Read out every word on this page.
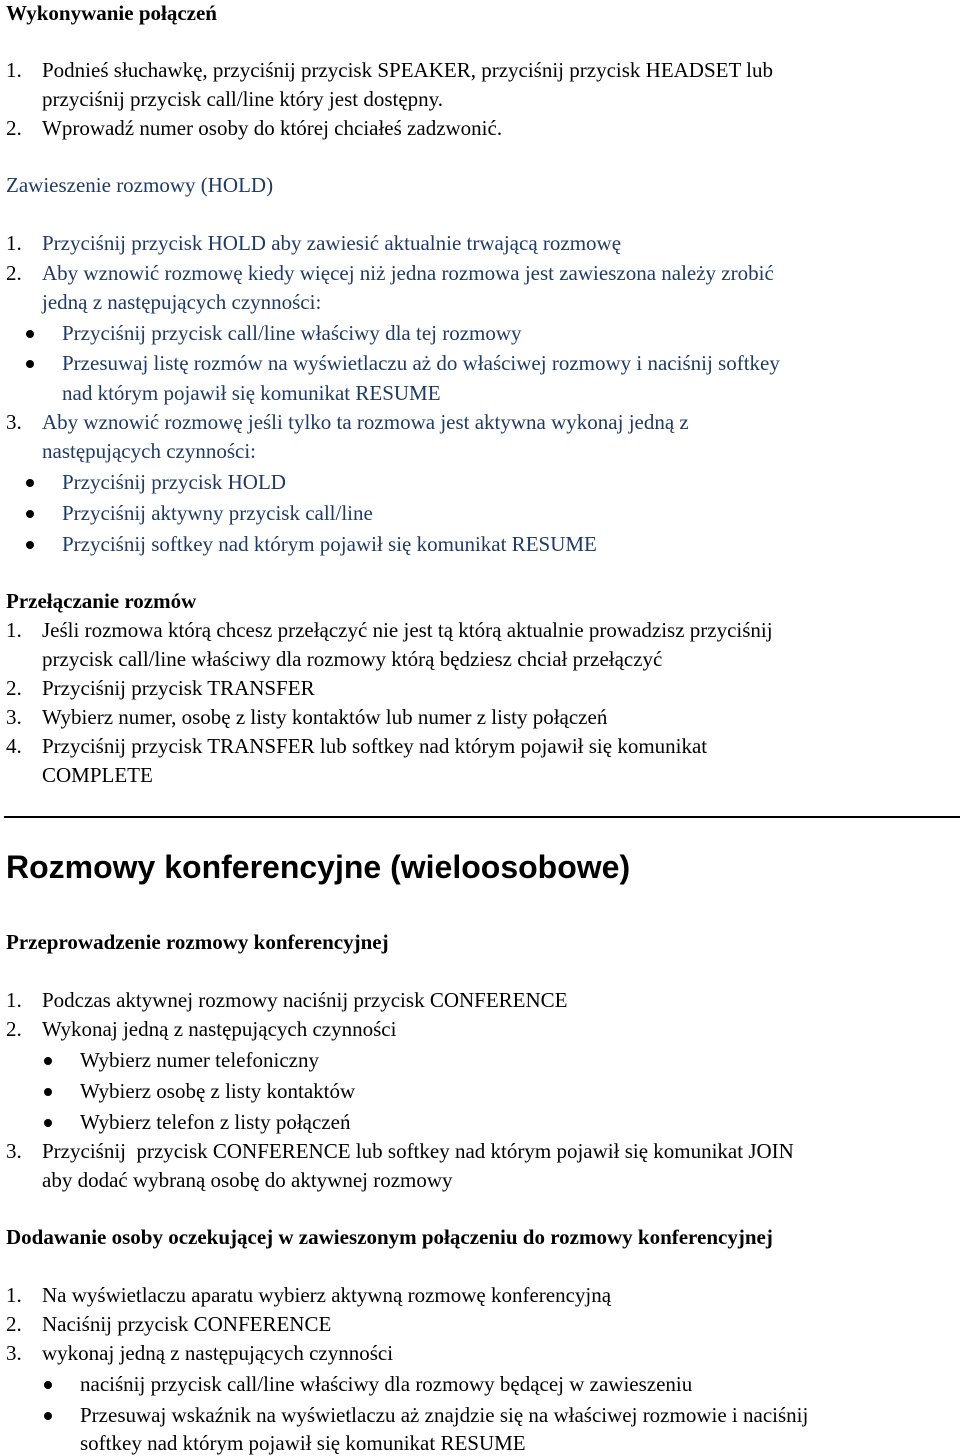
Wykonywanie połączeń
1. Podnieś słuchawkę, przyciśnij przycisk SPEAKER, przyciśnij przycisk HEADSET lub
przyciśnij przycisk call/line który jest dostępny.
2. Wprowadź numer osoby do której chciałeś zadzwonić.
Zawieszenie rozmowy (HOLD)
1. Przyciśnij przycisk HOLD aby zawiesić aktualnie trwającą rozmowę
2. Aby wznowić rozmowę kiedy więcej niż jedna rozmowa jest zawieszona należy zrobić
jedną z następujących czynności:
Przyciśnij przycisk call/line właściwy dla tej rozmowy
Przesuwaj listę rozmów na wyświetlaczu aż do właściwej rozmowy i naciśnij softkey
nad którym pojawił się komunikat RESUME
3. Aby wznowić rozmowę jeśli tylko ta rozmowa jest aktywna wykonaj jedną z
następujących czynności:
Przyciśnij przycisk HOLD
Przyciśnij aktywny przycisk call/line
Przyciśnij softkey nad którym pojawił się komunikat RESUME
Przełączanie rozmów
1. Jeśli rozmowa którą chcesz przełączyć nie jest tą którą aktualnie prowadzisz przyciśnij
przycisk call/line właściwy dla rozmowy którą będziesz chciał przełączyć
2. Przyciśnij przycisk TRANSFER
3. Wybierz numer, osobę z listy kontaktów lub numer z listy połączeń
4. Przyciśnij przycisk TRANSFER lub softkey nad którym pojawił się komunikat
COMPLETE
Rozmowy konferencyjne (wieloosobowe)
Przeprowadzenie rozmowy konferencyjnej
1. Podczas aktywnej rozmowy naciśnij przycisk CONFERENCE
2. Wykonaj jedną z następujących czynności
Wybierz numer telefoniczny
Wybierz osobę z listy kontaktów
Wybierz telefon z listy połączeń
3. Przyciśnij  przycisk CONFERENCE lub softkey nad którym pojawił się komunikat JOIN
aby dodać wybraną osobę do aktywnej rozmowy
Dodawanie osoby oczekującej w zawieszonym połączeniu do rozmowy konferencyjnej
1. Na wyświetlaczu aparatu wybierz aktywną rozmowę konferencyjną
2. Naciśnij przycisk CONFERENCE
3. wykonaj jedną z następujących czynności
naciśnij przycisk call/line właściwy dla rozmowy będącej w zawieszeniu
Przesuwaj wskaźnik na wyświetlaczu aż znajdzie się na właściwej rozmowie i naciśnij
softkey nad którym pojawił się komunikat RESUME
